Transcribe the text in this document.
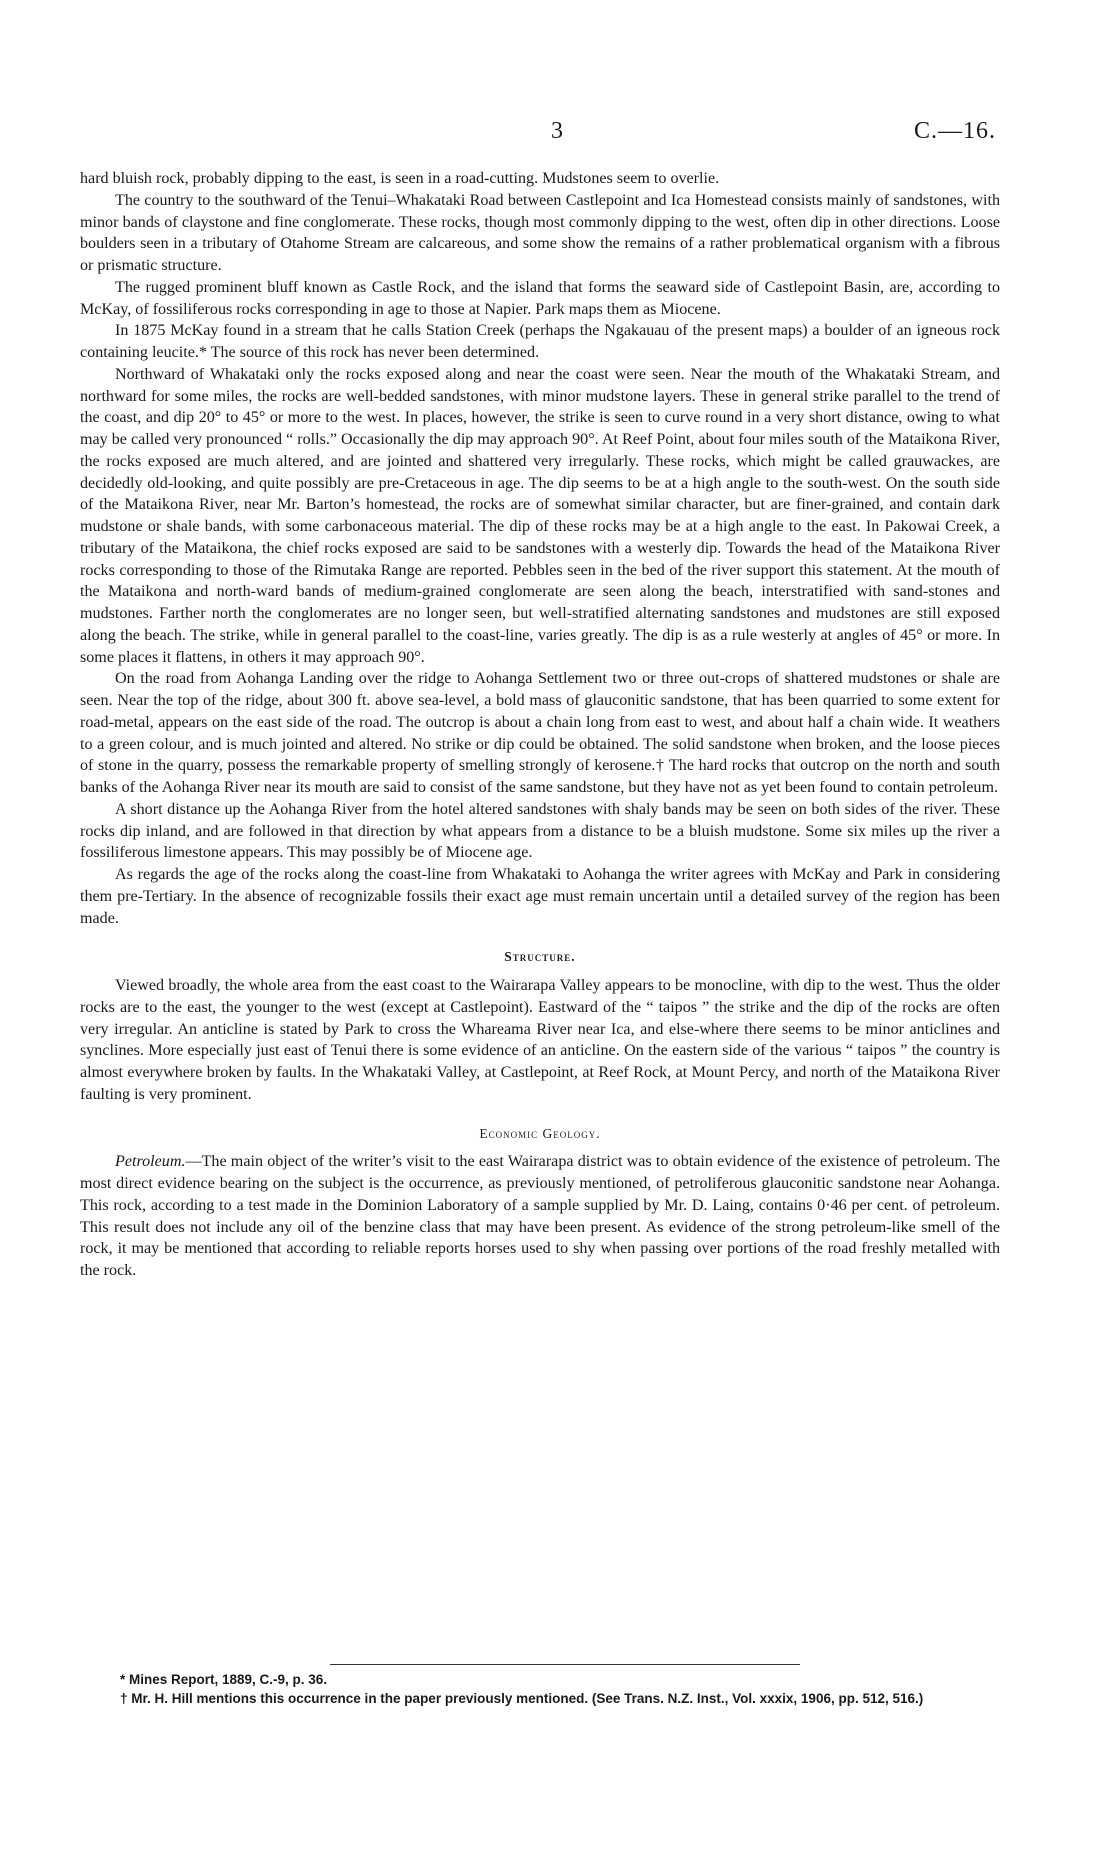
3	C.—16.

hard bluish rock, probably dipping to the east, is seen in a road-cutting. Mudstones seem to overlie.

The country to the southward of the Tenui–Whakataki Road between Castlepoint and Ica Homestead consists mainly of sandstones, with minor bands of claystone and fine conglomerate. These rocks, though most commonly dipping to the west, often dip in other directions. Loose boulders seen in a tributary of Otahome Stream are calcareous, and some show the remains of a rather problematical organism with a fibrous or prismatic structure.

The rugged prominent bluff known as Castle Rock, and the island that forms the seaward side of Castlepoint Basin, are, according to McKay, of fossiliferous rocks corresponding in age to those at Napier. Park maps them as Miocene.

In 1875 McKay found in a stream that he calls Station Creek (perhaps the Ngakauau of the present maps) a boulder of an igneous rock containing leucite.* The source of this rock has never been determined.

Northward of Whakataki only the rocks exposed along and near the coast were seen. Near the mouth of the Whakataki Stream, and northward for some miles, the rocks are well-bedded sandstones, with minor mudstone layers. These in general strike parallel to the trend of the coast, and dip 20° to 45° or more to the west. In places, however, the strike is seen to curve round in a very short distance, owing to what may be called very pronounced “ rolls.” Occasionally the dip may approach 90°. At Reef Point, about four miles south of the Mataikona River, the rocks exposed are much altered, and are jointed and shattered very irregularly. These rocks, which might be called grauwackes, are decidedly old-looking, and quite possibly are pre-Cretaceous in age. The dip seems to be at a high angle to the south-west. On the south side of the Mataikona River, near Mr. Barton’s homestead, the rocks are of somewhat similar character, but are finer-grained, and contain dark mudstone or shale bands, with some carbonaceous material. The dip of these rocks may be at a high angle to the east. In Pakowai Creek, a tributary of the Mataikona, the chief rocks exposed are said to be sandstones with a westerly dip. Towards the head of the Mataikona River rocks corresponding to those of the Rimutaka Range are reported. Pebbles seen in the bed of the river support this statement. At the mouth of the Mataikona and north-ward bands of medium-grained conglomerate are seen along the beach, interstratified with sand-stones and mudstones. Farther north the conglomerates are no longer seen, but well-stratified alternating sandstones and mudstones are still exposed along the beach. The strike, while in general parallel to the coast-line, varies greatly. The dip is as a rule westerly at angles of 45° or more. In some places it flattens, in others it may approach 90°.

On the road from Aohanga Landing over the ridge to Aohanga Settlement two or three out-crops of shattered mudstones or shale are seen. Near the top of the ridge, about 300 ft. above sea-level, a bold mass of glauconitic sandstone, that has been quarried to some extent for road-metal, appears on the east side of the road. The outcrop is about a chain long from east to west, and about half a chain wide. It weathers to a green colour, and is much jointed and altered. No strike or dip could be obtained. The solid sandstone when broken, and the loose pieces of stone in the quarry, possess the remarkable property of smelling strongly of kerosene.† The hard rocks that outcrop on the north and south banks of the Aohanga River near its mouth are said to consist of the same sandstone, but they have not as yet been found to contain petroleum.

A short distance up the Aohanga River from the hotel altered sandstones with shaly bands may be seen on both sides of the river. These rocks dip inland, and are followed in that direction by what appears from a distance to be a bluish mudstone. Some six miles up the river a fossiliferous limestone appears. This may possibly be of Miocene age.

As regards the age of the rocks along the coast-line from Whakataki to Aohanga the writer agrees with McKay and Park in considering them pre-Tertiary. In the absence of recognizable fossils their exact age must remain uncertain until a detailed survey of the region has been made.

Structure.

Viewed broadly, the whole area from the east coast to the Wairarapa Valley appears to be monocline, with dip to the west. Thus the older rocks are to the east, the younger to the west (except at Castlepoint). Eastward of the “ taipos ” the strike and the dip of the rocks are often very irregular. An anticline is stated by Park to cross the Whareama River near Ica, and else-where there seems to be minor anticlines and synclines. More especially just east of Tenui there is some evidence of an anticline. On the eastern side of the various “ taipos ” the country is almost everywhere broken by faults. In the Whakataki Valley, at Castlepoint, at Reef Rock, at Mount Percy, and north of the Mataikona River faulting is very prominent.

Economic Geology.

Petroleum.—The main object of the writer’s visit to the east Wairarapa district was to obtain evidence of the existence of petroleum. The most direct evidence bearing on the subject is the occurrence, as previously mentioned, of petroliferous glauconitic sandstone near Aohanga. This rock, according to a test made in the Dominion Laboratory of a sample supplied by Mr. D. Laing, contains 0·46 per cent. of petroleum. This result does not include any oil of the benzine class that may have been present. As evidence of the strong petroleum-like smell of the rock, it may be mentioned that according to reliable reports horses used to shy when passing over portions of the road freshly metalled with the rock.

* Mines Report, 1889, C.-9, p. 36.

† Mr. H. Hill mentions this occurrence in the paper previously mentioned. (See Trans. N.Z. Inst., Vol. xxxix, 1906, pp. 512, 516.)
